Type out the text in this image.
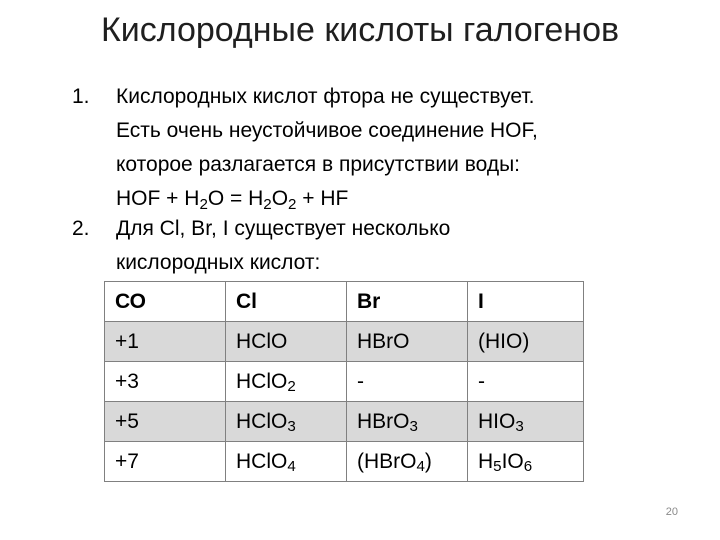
Кислородные кислоты галогенов
1. Кислородных кислот фтора не существует.
Есть очень неустойчивое соединение HOF,
которое разлагается в присутствии воды:
HOF + $H_2O = H_2O_2$ + HF
2. Для Cl, Br, I существует несколько
кислородных кислот:
СО	Cl	Br	I
+1	HClO	HBrO	(HIO)
+3	HClO$_2$	-	-
+5	HClO$_3$	HBrO$_3$	$HIO_3$
+7	HClO$_4$	(HBrO$_4$)	$H_5IO_6$
20
